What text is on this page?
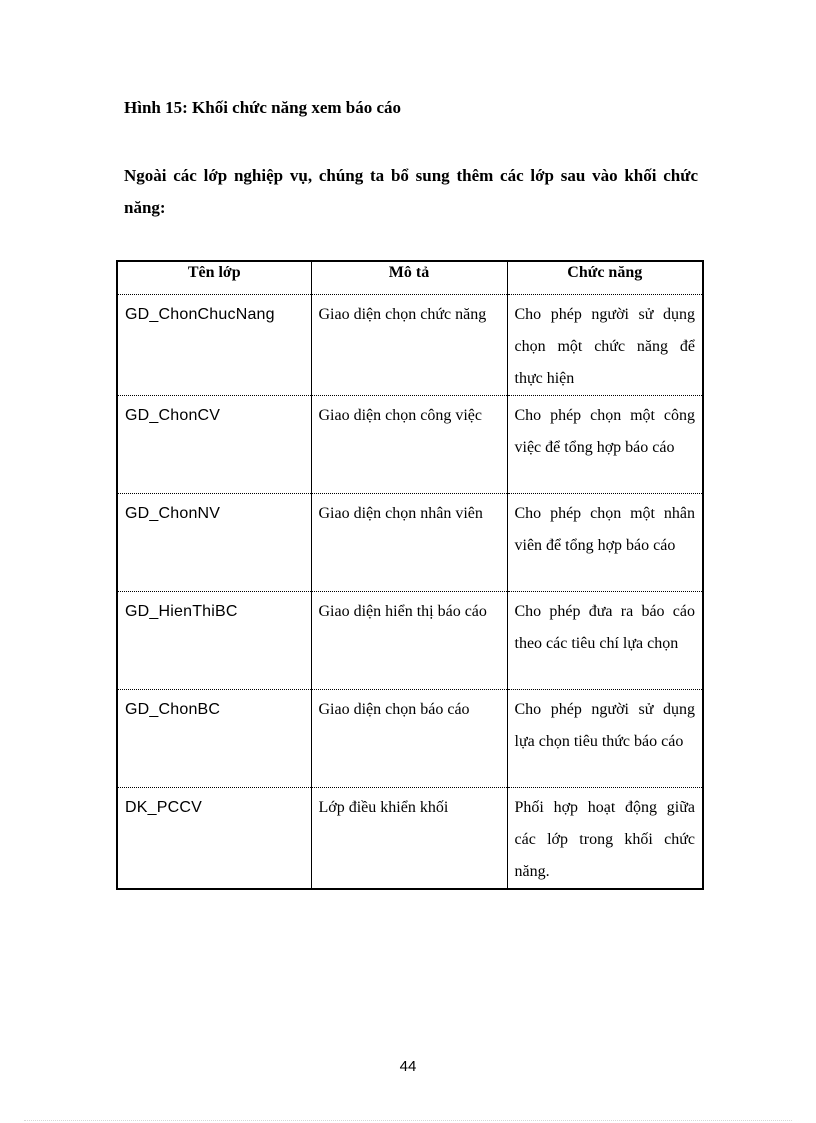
Hình 15: Khối chức năng xem báo cáo
Ngoài các lớp nghiệp vụ, chúng ta bổ sung thêm các lớp sau vào khối chức năng:
Tên lớp	Mô tả	Chức năng
GD_ChonChucNang	Giao diện chọn chức năng	Cho phép người sử dụng chọn một chức năng để thực hiện
GD_ChonCV	Giao diện chọn công việc	Cho phép chọn một công việc để tổng hợp báo cáo
GD_ChonNV	Giao diện chọn nhân viên	Cho phép chọn một nhân viên để tổng hợp báo cáo
GD_HienThiBC	Giao diện hiển thị báo cáo	Cho phép đưa ra báo cáo theo các tiêu chí lựa chọn
GD_ChonBC	Giao diện chọn báo cáo	Cho phép người sử dụng lựa chọn tiêu thức báo cáo
DK_PCCV	Lớp điều khiển khối	Phối hợp hoạt động giữa các lớp trong khối chức năng.
44
